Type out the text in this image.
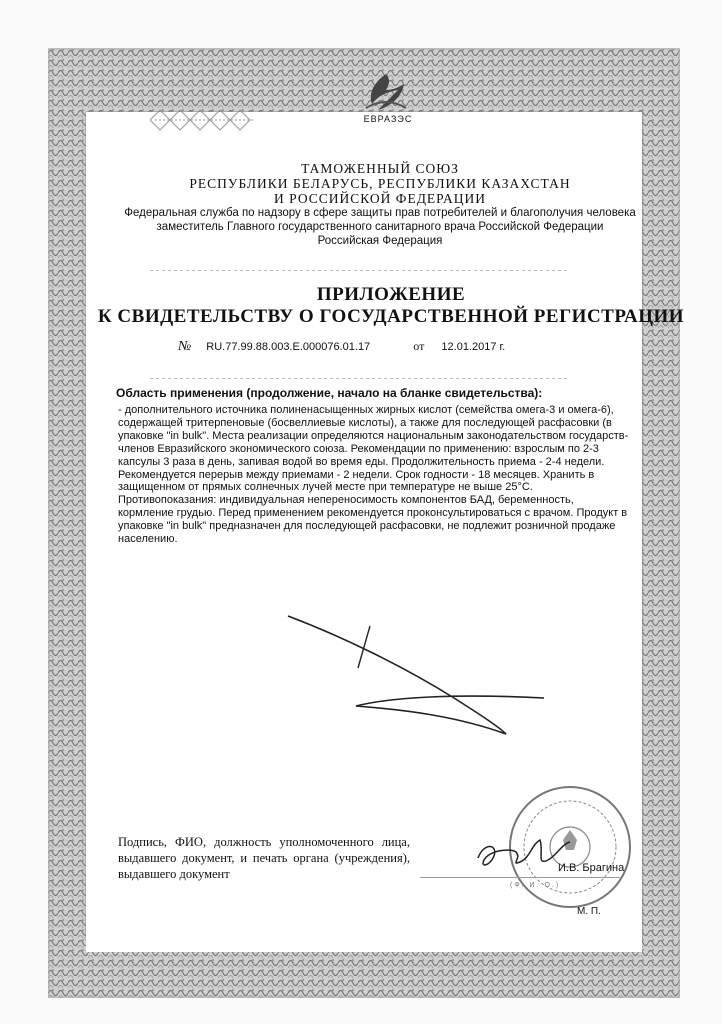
ЕВРАЗЭС
ТАМОЖЕННЫЙ СОЮЗ
РЕСПУБЛИКИ БЕЛАРУСЬ, РЕСПУБЛИКИ КАЗАХСТАН
И РОССИЙСКОЙ ФЕДЕРАЦИИ
Федеральная служба по надзору в сфере защиты прав потребителей и благополучия человека
заместитель Главного государственного санитарного врача Российской Федерации
Российская Федерация
ПРИЛОЖЕНИЕ
К СВИДЕТЕЛЬСТВУ О ГОСУДАРСТВЕННОЙ РЕГИСТРАЦИИ
№ RU.77.99.88.003.Е.000076.01.17	от 12.01.2017 г.
Область применения (продолжение, начало на бланке свидетельства):
- дополнительного источника полиненасыщенных жирных кислот (семейства омега-3 и омега-6), содержащей тритерпеновые (босвеллиевые кислоты), а также для последующей расфасовки (в упаковке "in bulk". Места реализации определяются национальным законодательством государств-членов Евразийского экономического союза. Рекомендации по применению: взрослым по 2-3 капсулы 3 раза в день, запивая водой во время еды. Продолжительность приема - 2-4 недели. Рекомендуется перерыв между приемами - 2 недели. Срок годности - 18 месяцев. Хранить в защищенном от прямых солнечных лучей месте при температуре не выше 25°С. Противопоказания: индивидуальная непереносимость компонентов БАД, беременность, кормление грудью. Перед применением рекомендуется проконсультироваться с врачом. Продукт в упаковке "in bulk" предназначен для последующей расфасовки, не подлежит розничной продаже населению.
Подпись, ФИО, должность уполномоченного лица, выдавшего документ, и печать органа (учреждения), выдавшего документ	И.В. Брагина
(Ф. И. О.)
М. П.
